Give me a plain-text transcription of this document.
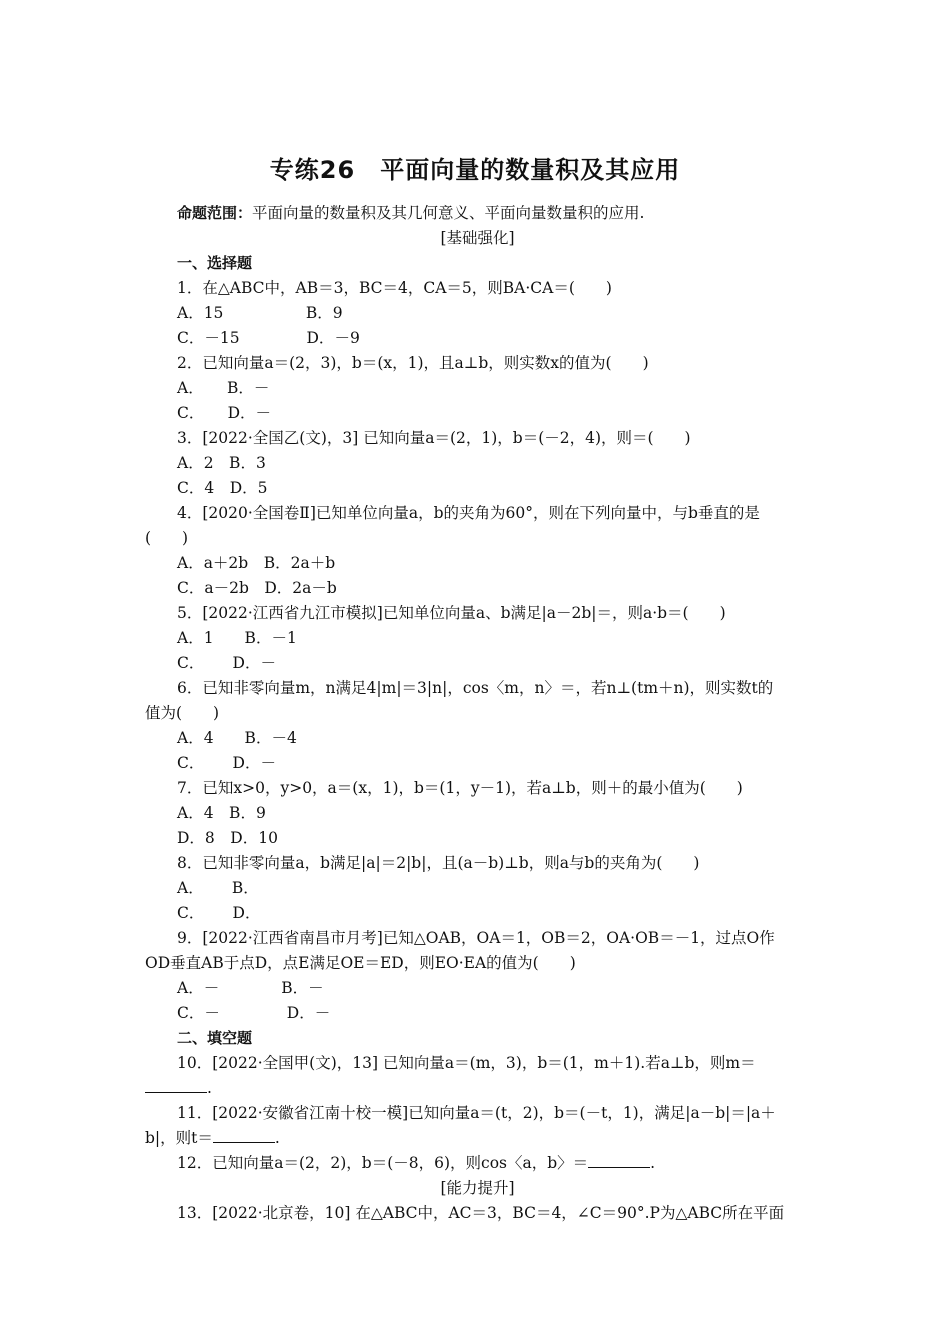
专练26　平面向量的数量积及其应用
命题范围：平面向量的数量积及其几何意义、平面向量数量积的应用.
[基础强化]
一、选择题
1．在△ABC中，AB＝3，BC＝4，CA＝5，则BA·CA＝(　　)
A．15　　　　　 B．9
C．－15　　　　 D．－9
2．已知向量a＝(2，3)，b＝(x，1)，且a⊥b，则实数x的值为(　　)
A．　　B．－
C．　　D．－
3．[2022·全国乙(文)，3] 已知向量a＝(2，1)，b＝(－2，4)，则＝(　　)
A．2　B．3
C．4　D．5
4．[2020·全国卷Ⅱ]已知单位向量a，b的夹角为60°，则在下列向量中，与b垂直的是
(　　)
A．a＋2b　B．2a＋b
C．a－2b　D．2a－b
5．[2022·江西省九江市模拟]已知单位向量a、b满足|a－2b|＝，则a·b＝(　　)
A．1　　B．－1
C．　　 D．－
6．已知非零向量m，n满足4|m|＝3|n|，cos〈m，n〉＝，若n⊥(tm＋n)，则实数t的
值为(　　)
A．4　　B．－4
C．　　 D．－
7．已知x>0，y>0，a＝(x，1)，b＝(1，y－1)，若a⊥b，则＋的最小值为(　　)
A．4　B．9
D．8　D．10
8．已知非零向量a，b满足|a|＝2|b|，且(a－b)⊥b，则a与b的夹角为(　　)
A．　　 B．
C．　　 D．
9．[2022·江西省南昌市月考]已知△OAB，OA＝1，OB＝2，OA·OB＝－1，过点O作
OD垂直AB于点D，点E满足OE＝ED，则EO·EA的值为(　　)
A．－　　　　B．－
C．－　　　　 D．－
二、填空题
10．[2022·全国甲(文)，13] 已知向量a＝(m，3)，b＝(1，m＋1).若a⊥b，则m＝
.
11．[2022·安徽省江南十校一模]已知向量a＝(t，2)，b＝(－t，1)，满足|a－b|＝|a＋
b|，则t＝	.
12．已知向量a＝(2，2)，b＝(－8，6)，则cos〈a，b〉＝	.
[能力提升]
13．[2022·北京卷，10] 在△ABC中，AC＝3，BC＝4，∠C＝90°.P为△ABC所在平面
